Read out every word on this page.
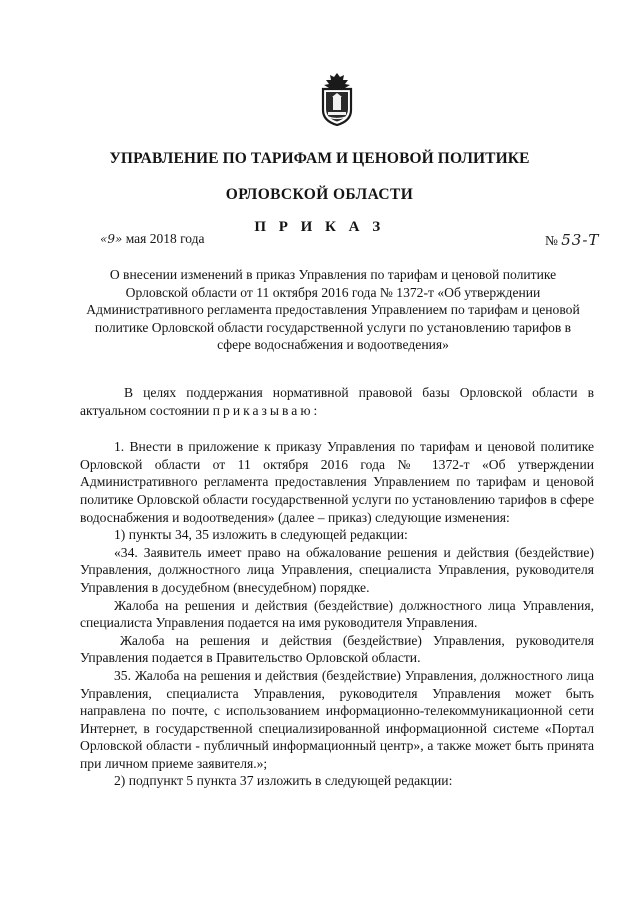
УПРАВЛЕНИЕ ПО ТАРИФАМ И ЦЕНОВОЙ ПОЛИТИКЕ

ОРЛОВСКОЙ ОБЛАСТИ

П Р И К А З

«9» мая 2018 года	№ 53-Т

О внесении изменений в приказ Управления по тарифам и ценовой политике Орловской области от 11 октября 2016 года № 1372-т «Об утверждении Административного регламента предоставления Управлением по тарифам и ценовой политике Орловской области государственной услуги по установлению тарифов в сфере водоснабжения и водоотведения»

В целях поддержания нормативной правовой базы Орловской области в актуальном состоянии приказываю:

1. Внести в приложение к приказу Управления по тарифам и ценовой политике Орловской области от 11 октября 2016 года № 1372-т «Об утверждении Административного регламента предоставления Управлением по тарифам и ценовой политике Орловской области государственной услуги по установлению тарифов в сфере водоснабжения и водоотведения» (далее – приказ) следующие изменения:

1) пункты 34, 35 изложить в следующей редакции:

«34. Заявитель имеет право на обжалование решения и действия (бездействие) Управления, должностного лица Управления, специалиста Управления, руководителя Управления в досудебном (внесудебном) порядке.

Жалоба на решения и действия (бездействие) должностного лица Управления, специалиста Управления подается на имя руководителя Управления.

Жалоба на решения и действия (бездействие) Управления, руководителя Управления подается в Правительство Орловской области.

35. Жалоба на решения и действия (бездействие) Управления, должностного лица Управления, специалиста Управления, руководителя Управления может быть направлена по почте, с использованием информационно-телекоммуникационной сети Интернет, в государственной специализированной информационной системе «Портал Орловской области - публичный информационный центр», а также может быть принята при личном приеме заявителя.»;

2) подпункт 5 пункта 37 изложить в следующей редакции:
